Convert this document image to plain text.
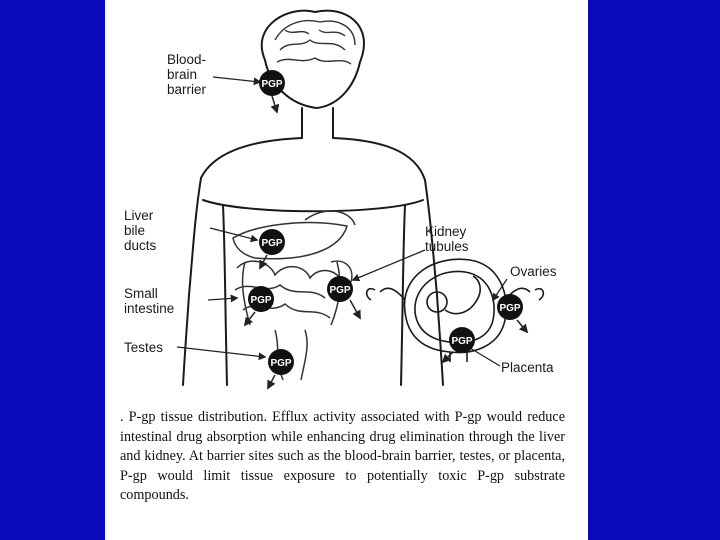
PGP
PGP
PGP
PGP
PGP
PGP
PGP
Blood-
brain
barrier
Liver
bile
ducts
Kidney
tubules
Ovaries
Small
intestine
Testes
Placenta
. P-gp tissue distribution. Efflux activity associated with P-gp would reduce intestinal drug absorption while enhancing drug elimination through the liver and kidney. At barrier sites such as the blood-brain barrier, testes, or placenta, P-gp would limit tissue exposure to potentially toxic P-gp substrate compounds.
